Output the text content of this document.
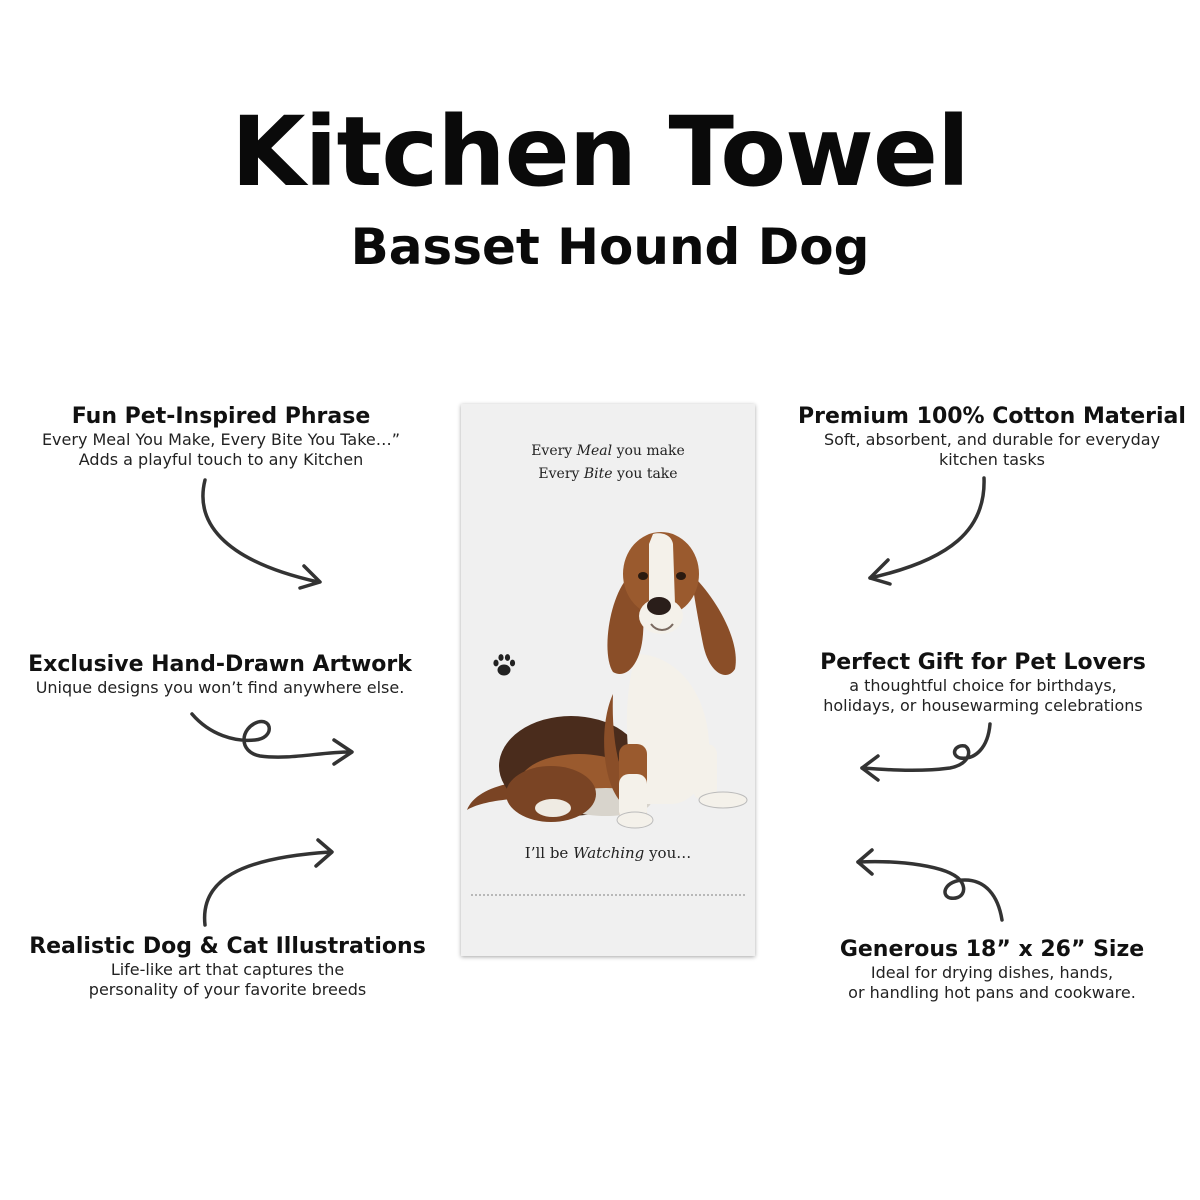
Kitchen Towel
Basset Hound Dog
Fun Pet-Inspired Phrase

Every Meal You Make, Every Bite You Take…”

Adds a playful touch to any Kitchen

Exclusive Hand-Drawn Artwork

Unique designs you won’t find anywhere else.

Realistic Dog & Cat Illustrations

Life-like art that captures the

personality of your favorite breeds

Premium 100% Cotton Material

Soft, absorbent, and durable for everyday

kitchen tasks

Perfect Gift for Pet Lovers

a thoughtful choice for birthdays,

holidays, or housewarming celebrations

Generous 18” x 26” Size

Ideal for drying dishes, hands,

or handling hot pans and cookware.

Every Meal you make
Every Bite you take
I’ll be Watching you…
